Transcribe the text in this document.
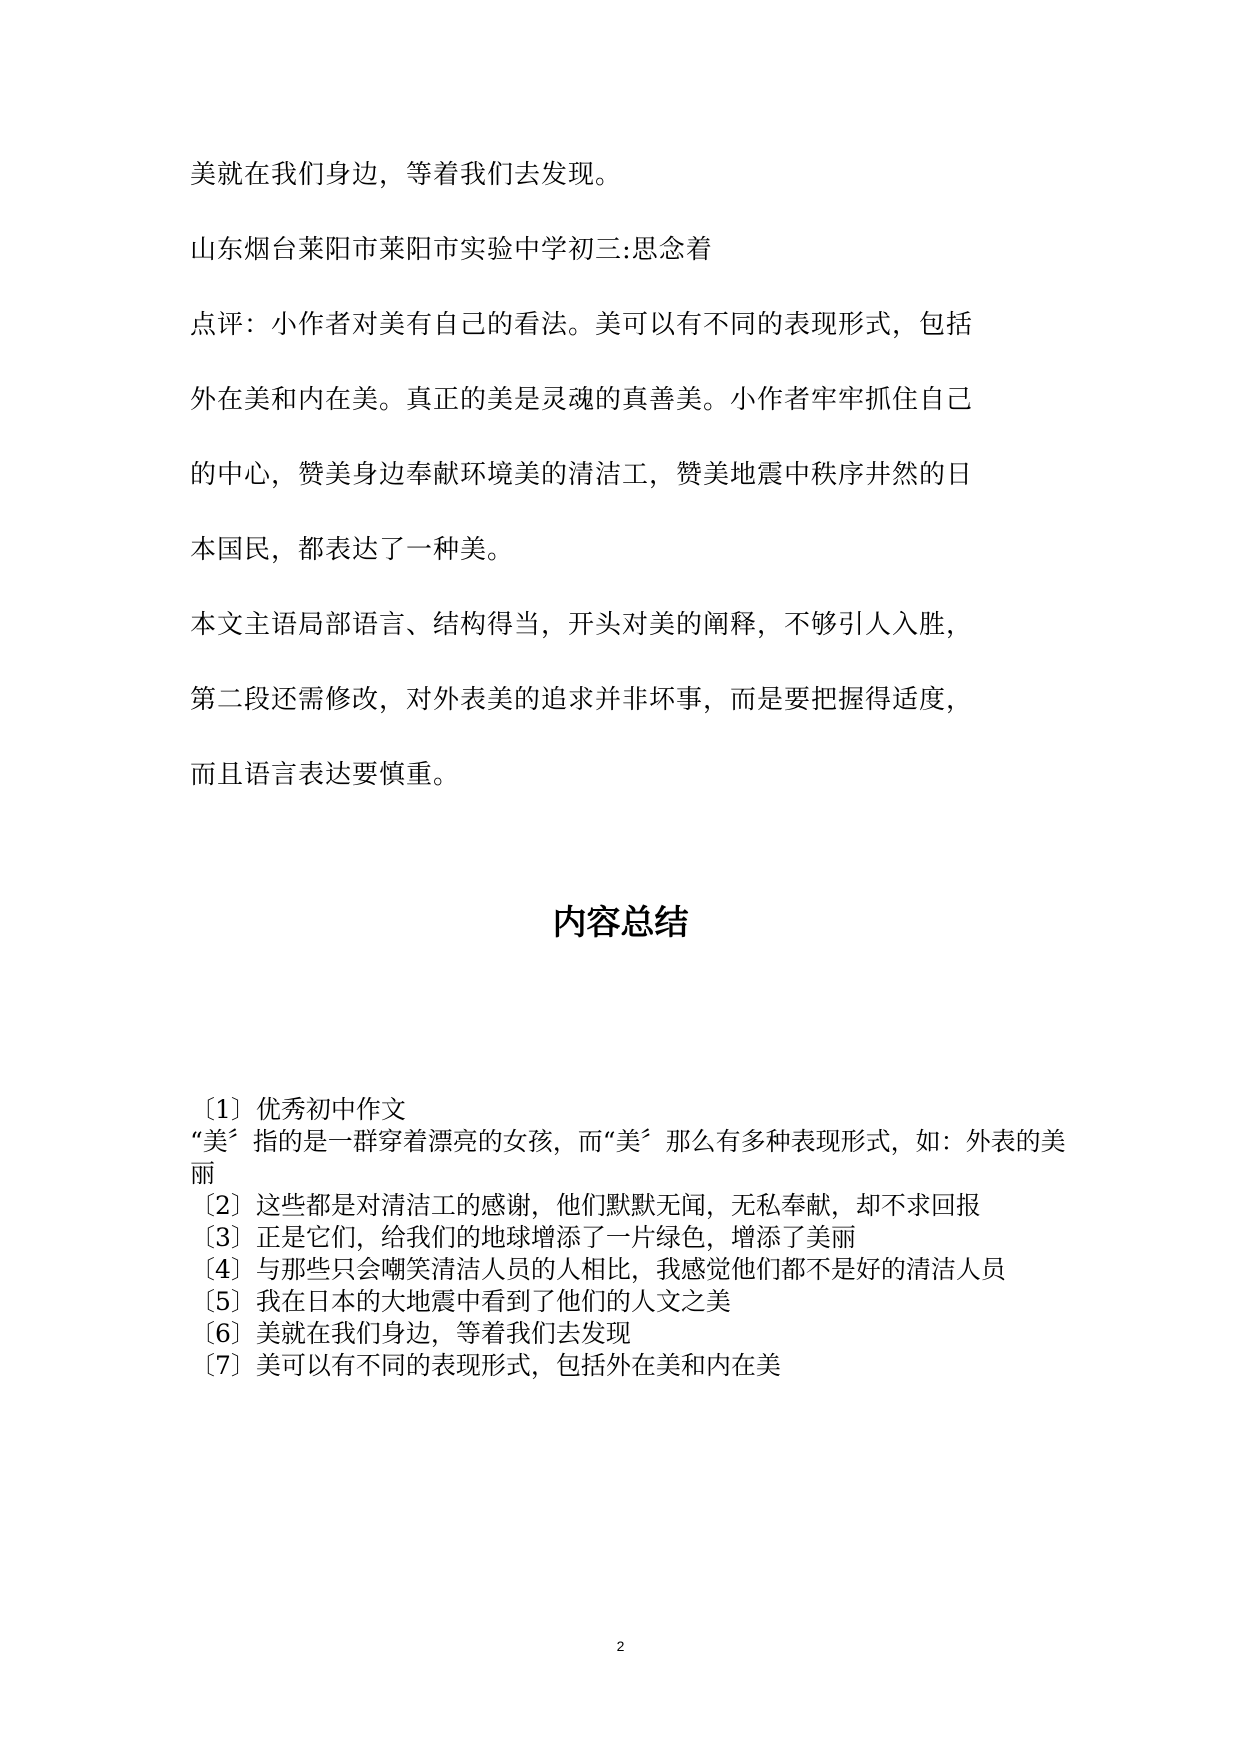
美就在我们身边，等着我们去发现。

山东烟台莱阳市莱阳市实验中学初三:思念着

点评：小作者对美有自己的看法。美可以有不同的表现形式，包括

外在美和内在美。真正的美是灵魂的真善美。小作者牢牢抓住自己

的中心，赞美身边奉献环境美的清洁工，赞美地震中秩序井然的日

本国民，都表达了一种美。

本文主语局部语言、结构得当，开头对美的阐释，不够引人入胜，

第二段还需修改，对外表美的追求并非坏事，而是要把握得适度，

而且语言表达要慎重。

内容总结
〔1〕优秀初中作文
“美〞指的是一群穿着漂亮的女孩，而“美〞那么有多种表现形式，如：外表的美丽
〔2〕这些都是对清洁工的感谢，他们默默无闻，无私奉献，却不求回报
〔3〕正是它们，给我们的地球增添了一片绿色，增添了美丽
〔4〕与那些只会嘲笑清洁人员的人相比，我感觉他们都不是好的清洁人员
〔5〕我在日本的大地震中看到了他们的人文之美
〔6〕美就在我们身边，等着我们去发现
〔7〕美可以有不同的表现形式，包括外在美和内在美
2
